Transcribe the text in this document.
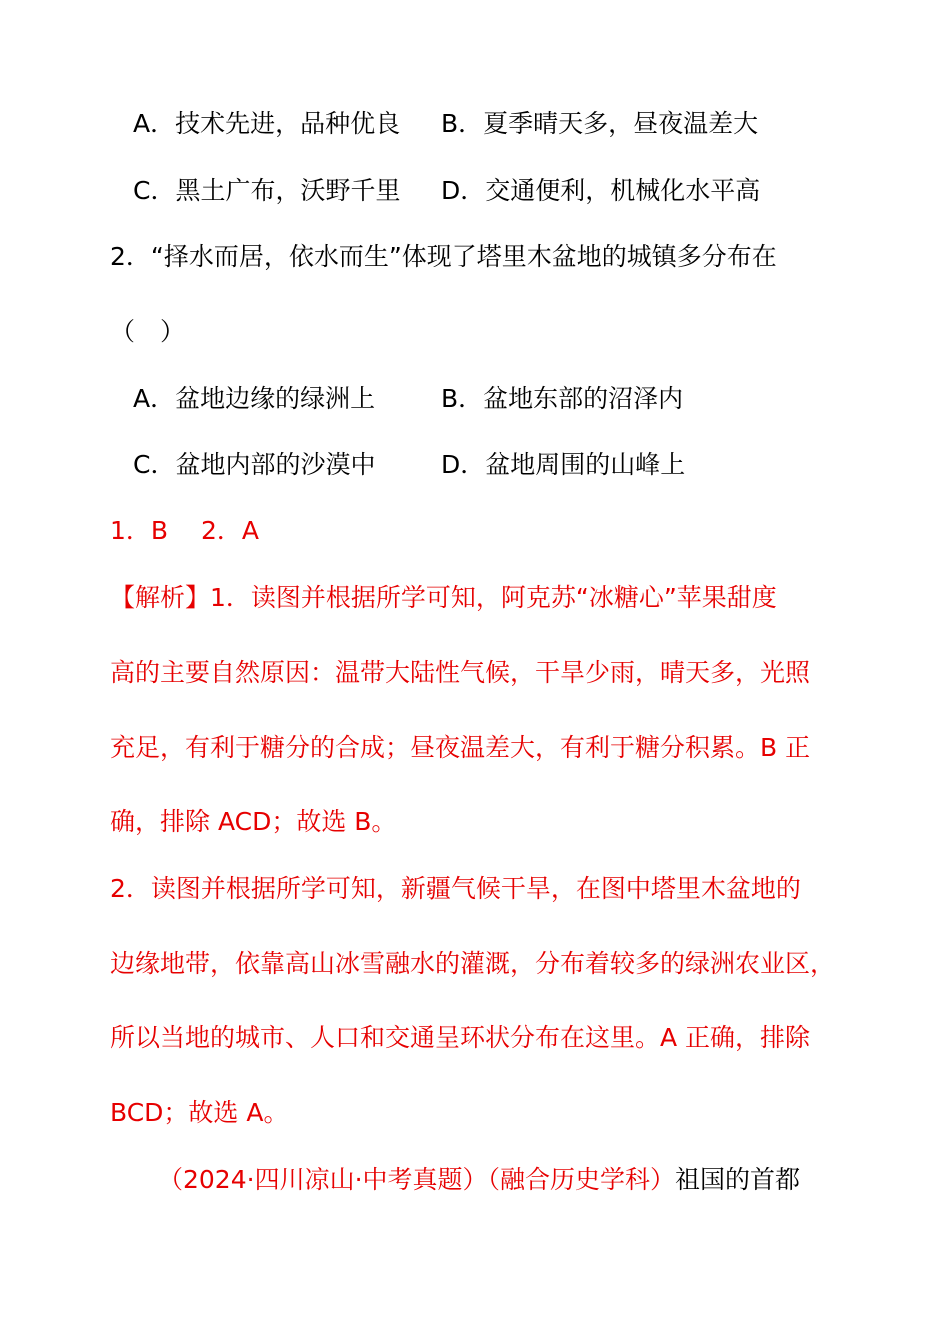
A．技术先进，品种优良 B．夏季晴天多，昼夜温差大
C．黑土广布，沃野千里 D．交通便利，机械化水平高
2．“择水而居，依水而生”体现了塔里木盆地的城镇多分布在
（　）
A．盆地边缘的绿洲上	B．盆地东部的沼泽内
C．盆地内部的沙漠中	D．盆地周围的山峰上
1．B　 2．A
【解析】1．读图并根据所学可知，阿克苏“冰糖心”苹果甜度
高的主要自然原因：温带大陆性气候，干旱少雨，晴天多，光照
充足，有利于糖分的合成；昼夜温差大，有利于糖分积累。B 正
确，排除 ACD；故选 B。
2．读图并根据所学可知，新疆气候干旱，在图中塔里木盆地的
边缘地带，依靠高山冰雪融水的灌溉，分布着较多的绿洲农业区，
所以当地的城市、人口和交通呈环状分布在这里。A 正确，排除
BCD；故选 A。
（2024·四川凉山·中考真题）（融合历史学科）祖国的首都
